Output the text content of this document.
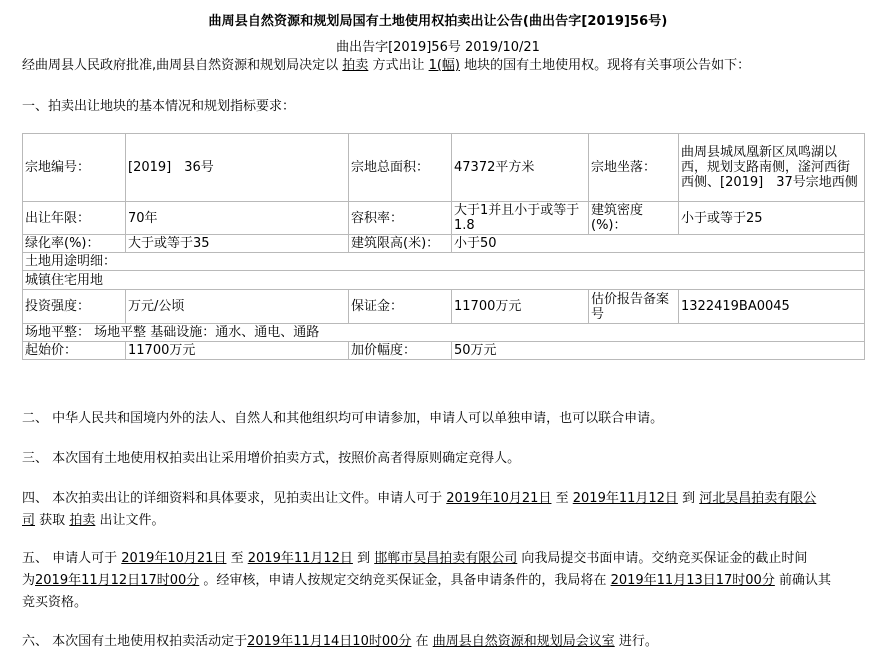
曲周县自然资源和规划局国有土地使用权拍卖出让公告(曲出告字[2019]56号)
曲出告字[2019]56号 2019/10/21
经曲周县人民政府批准,曲周县自然资源和规划局决定以 拍卖 方式出让 1(幅) 地块的国有土地使用权。现将有关事项公告如下：
一、拍卖出让地块的基本情况和规划指标要求：
宗地编号：	[2019]　36号	宗地总面积：	47372平方米	宗地坐落：	曲周县城凤凰新区凤鸣湖以西，规划支路南侧，滏河西街西侧、[2019]　37号宗地西侧
出让年限：	70年	容积率：	大于1并且小于或等于1.8	建筑密度(%)：	小于或等于25
绿化率(%)：	大于或等于35	建筑限高(米)：	小于50		
土地用途明细：					
城镇住宅用地					
投资强度：	万元/公顷	保证金：	11700万元	估价报告备案号	1322419BA0045
场地平整： 场地平整 基础设施：通水、通电、通路					
起始价：	11700万元	加价幅度：	50万元		
二、 中华人民共和国境内外的法人、自然人和其他组织均可申请参加，申请人可以单独申请，也可以联合申请。
三、 本次国有土地使用权拍卖出让采用增价拍卖方式，按照价高者得原则确定竞得人。
四、 本次拍卖出让的详细资料和具体要求，见拍卖出让文件。申请人可于 2019年10月21日 至 2019年11月12日 到 河北昊昌拍卖有限公
司 获取 拍卖 出让文件。
五、 申请人可于 2019年10月21日 至 2019年11月12日 到 邯郸市昊昌拍卖有限公司 向我局提交书面申请。交纳竞买保证金的截止时间
为2019年11月12日17时00分 。经审核，申请人按规定交纳竞买保证金，具备申请条件的，我局将在 2019年11月13日17时00分 前确认其
竞买资格。
六、 本次国有土地使用权拍卖活动定于2019年11月14日10时00分 在 曲周县自然资源和规划局会议室 进行。
